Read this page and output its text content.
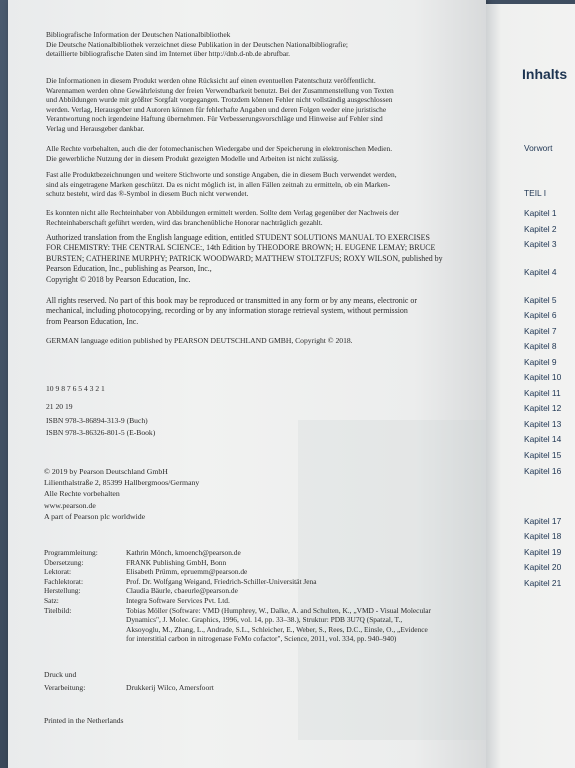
Bibliografische Information der Deutschen Nationalbibliothek

Die Deutsche Nationalbibliothek verzeichnet diese Publikation in der Deutschen Nationalbibliografie;

detaillierte bibliografische Daten sind im Internet über http://dnb.d-nb.de abrufbar.

Die Informationen in diesem Produkt werden ohne Rücksicht auf einen eventuellen Patentschutz veröffentlicht.

Warennamen werden ohne Gewährleistung der freien Verwendbarkeit benutzt. Bei der Zusammenstellung von Texten

und Abbildungen wurde mit größter Sorgfalt vorgegangen. Trotzdem können Fehler nicht vollständig ausgeschlossen

werden. Verlag, Herausgeber und Autoren können für fehlerhafte Angaben und deren Folgen weder eine juristische

Verantwortung noch irgendeine Haftung übernehmen. Für Verbesserungsvorschläge und Hinweise auf Fehler sind

Verlag und Herausgeber dankbar.

Alle Rechte vorbehalten, auch die der fotomechanischen Wiedergabe und der Speicherung in elektronischen Medien.

Die gewerbliche Nutzung der in diesem Produkt gezeigten Modelle und Arbeiten ist nicht zulässig.

Fast alle Produktbezeichnungen und weitere Stichworte und sonstige Angaben, die in diesem Buch verwendet werden,

sind als eingetragene Marken geschützt. Da es nicht möglich ist, in allen Fällen zeitnah zu ermitteln, ob ein Marken-

schutz besteht, wird das ®-Symbol in diesem Buch nicht verwendet.

Es konnten nicht alle Rechteinhaber von Abbildungen ermittelt werden. Sollte dem Verlag gegenüber der Nachweis der

Rechteinhaberschaft geführt werden, wird das branchenübliche Honorar nachträglich gezahlt.

Authorized translation from the English language edition, entitled STUDENT SOLUTIONS MANUAL TO EXERCISES

FOR CHEMISTRY: THE CENTRAL SCIENCE:, 14th Edition by THEODORE BROWN; H. EUGENE LEMAY; BRUCE

BURSTEN; CATHERINE MURPHY; PATRICK WOODWARD; MATTHEW STOLTZFUS; ROXY WILSON, published by

Pearson Education, Inc., publishing as Pearson, Inc.,

Copyright © 2018 by Pearson Education, Inc.

All rights reserved. No part of this book may be reproduced or transmitted in any form or by any means, electronic or

mechanical, including photocopying, recording or by any information storage retrieval system, without permission

from Pearson Education, Inc.

GERMAN language edition published by PEARSON DEUTSCHLAND GMBH, Copyright © 2018.
10 9 8 7 6 5 4 3 2 1
21 20 19
ISBN 978-3-86894-313-9 (Buch)
ISBN 978-3-86326-801-5 (E-Book)

© 2019 by Pearson Deutschland GmbH

Lilienthalstraße 2, 85399 Hallbergmoos/Germany

Alle Rechte vorbehalten

www.pearson.de

A part of Pearson plc worldwide

Programmleitung:	Kathrin Mönch, kmoench@pearson.de
Übersetzung:	FRANK Publishing GmbH, Bonn
Lektorat:	Elisabeth Prümm, epruemm@pearson.de
Fachlektorat:	Prof. Dr. Wolfgang Weigand, Friedrich-Schiller-Universität Jena
Herstellung:	Claudia Bäurle, cbaeurle@pearson.de
Satz:	Integra Software Services Pvt. Ltd.
Titelbild:	Tobias Möller (Software: VMD (Humphrey, W., Dalke, A. and Schulten, K., „VMD - Visual Molecular
Dynamics", J. Molec. Graphics, 1996, vol. 14, pp. 33–38.), Struktur: PDB 3U7Q (Spatzal, T.,
Aksoyoglu, M., Zhang, L., Andrade, S.L., Schleicher, E., Weber, S., Rees, D.C., Einsle, O., „Evidence
for interstitial carbon in nitrogenase FeMo cofactor", Science, 2011, vol. 334, pp. 940–940)
Druck und
Verarbeitung:	Drukkerij Wilco, Amersfoort
Printed in the Netherlands
Inhalts
Vorwort
TEIL I
Kapitel 1
Kapitel 2
Kapitel 3
Kapitel 4
Kapitel 5
Kapitel 6
Kapitel 7
Kapitel 8
Kapitel 9
Kapitel 10
Kapitel 11
Kapitel 12
Kapitel 13
Kapitel 14
Kapitel 15
Kapitel 16
Kapitel 17
Kapitel 18
Kapitel 19
Kapitel 20
Kapitel 21
